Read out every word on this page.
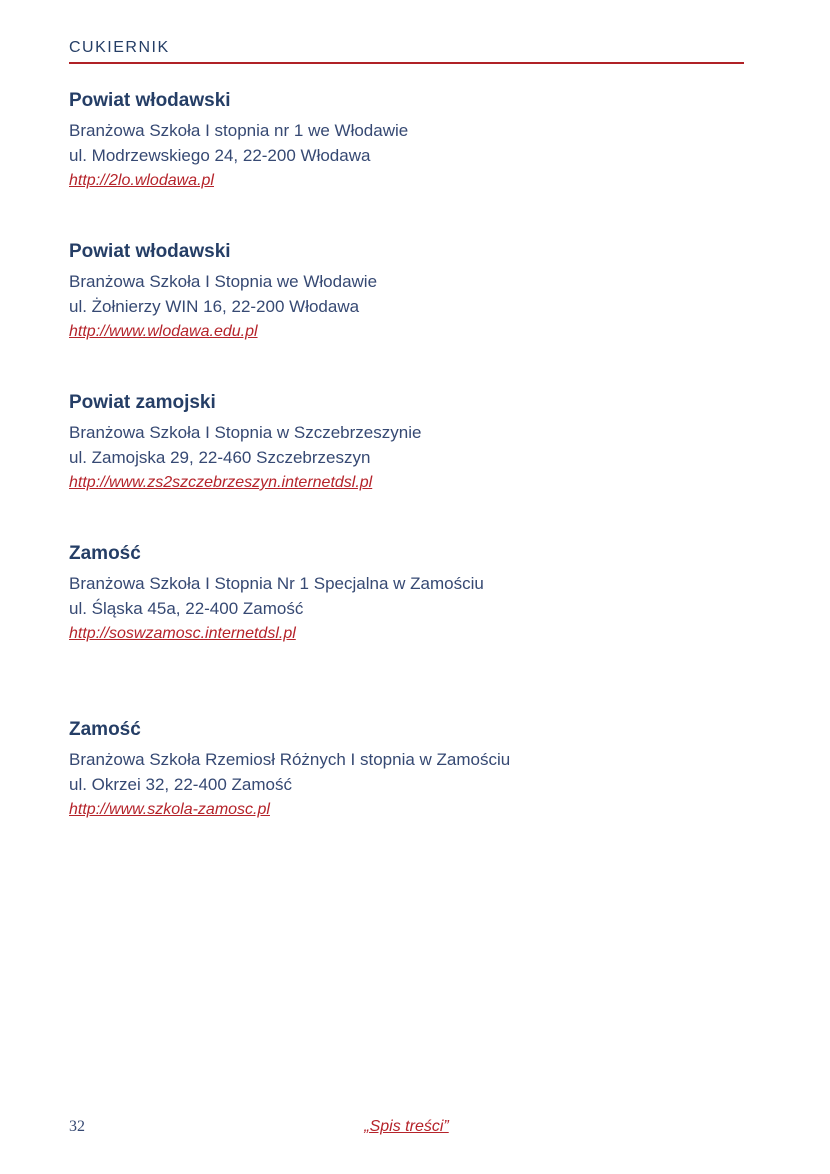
CUKIERNIK
Powiat włodawski

Branżowa Szkoła I stopnia nr 1 we Włodawie

ul. Modrzewskiego 24, 22-200 Włodawa

http://2lo.wlodawa.pl
Powiat włodawski

Branżowa Szkoła I Stopnia we Włodawie

ul. Żołnierzy WIN 16, 22-200 Włodawa

http://www.wlodawa.edu.pl
Powiat zamojski

Branżowa Szkoła I Stopnia w Szczebrzeszynie

ul. Zamojska 29, 22-460 Szczebrzeszyn

http://www.zs2szczebrzeszyn.internetdsl.pl
Zamość

Branżowa Szkoła I Stopnia Nr 1 Specjalna w Zamościu

ul. Śląska 45a, 22-400 Zamość

http://soswzamosc.internetdsl.pl
Zamość

Branżowa Szkoła Rzemiosł Różnych I stopnia w Zamościu

ul. Okrzei 32, 22-400 Zamość

http://www.szkola-zamosc.pl
32	„Spis treści”
